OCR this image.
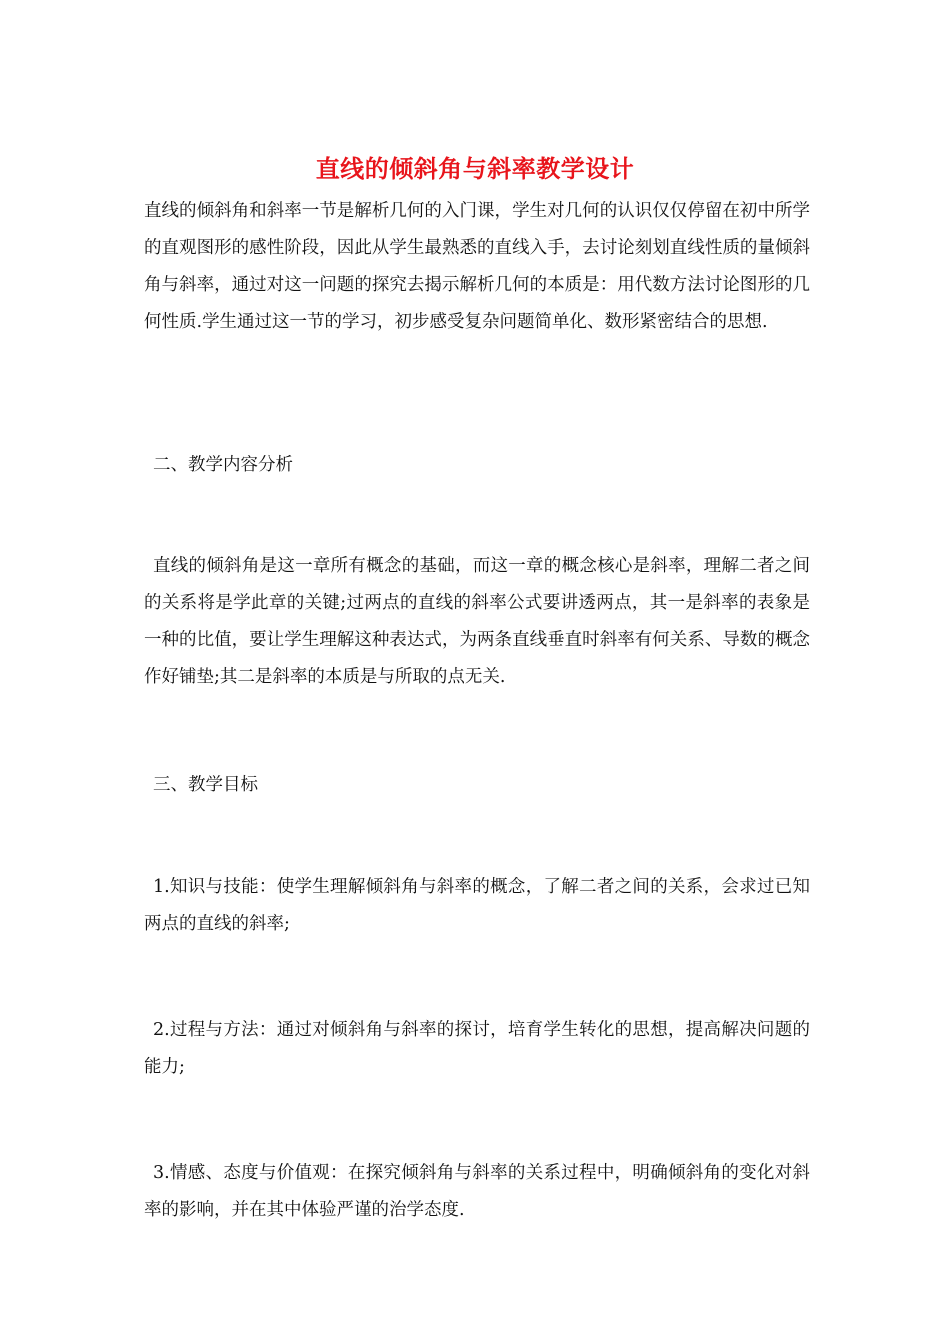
直线的倾斜角与斜率教学设计
直线的倾斜角和斜率一节是解析几何的入门课，学生对几何的认识仅仅停留在初中所学的直观图形的感性阶段，因此从学生最熟悉的直线入手，去讨论刻划直线性质的量倾斜角与斜率，通过对这一问题的探究去揭示解析几何的本质是：用代数方法讨论图形的几何性质.学生通过这一节的学习，初步感受复杂问题简单化、数形紧密结合的思想.
二、教学内容分析
直线的倾斜角是这一章所有概念的基础，而这一章的概念核心是斜率，理解二者之间的关系将是学此章的关键;过两点的直线的斜率公式要讲透两点，其一是斜率的表象是一种的比值，要让学生理解这种表达式，为两条直线垂直时斜率有何关系、导数的概念作好铺垫;其二是斜率的本质是与所取的点无关.
三、教学目标
1.知识与技能：使学生理解倾斜角与斜率的概念，了解二者之间的关系，会求过已知两点的直线的斜率;
2.过程与方法：通过对倾斜角与斜率的探讨，培育学生转化的思想，提高解决问题的能力;
3.情感、态度与价值观：在探究倾斜角与斜率的关系过程中，明确倾斜角的变化对斜率的影响，并在其中体验严谨的治学态度.
